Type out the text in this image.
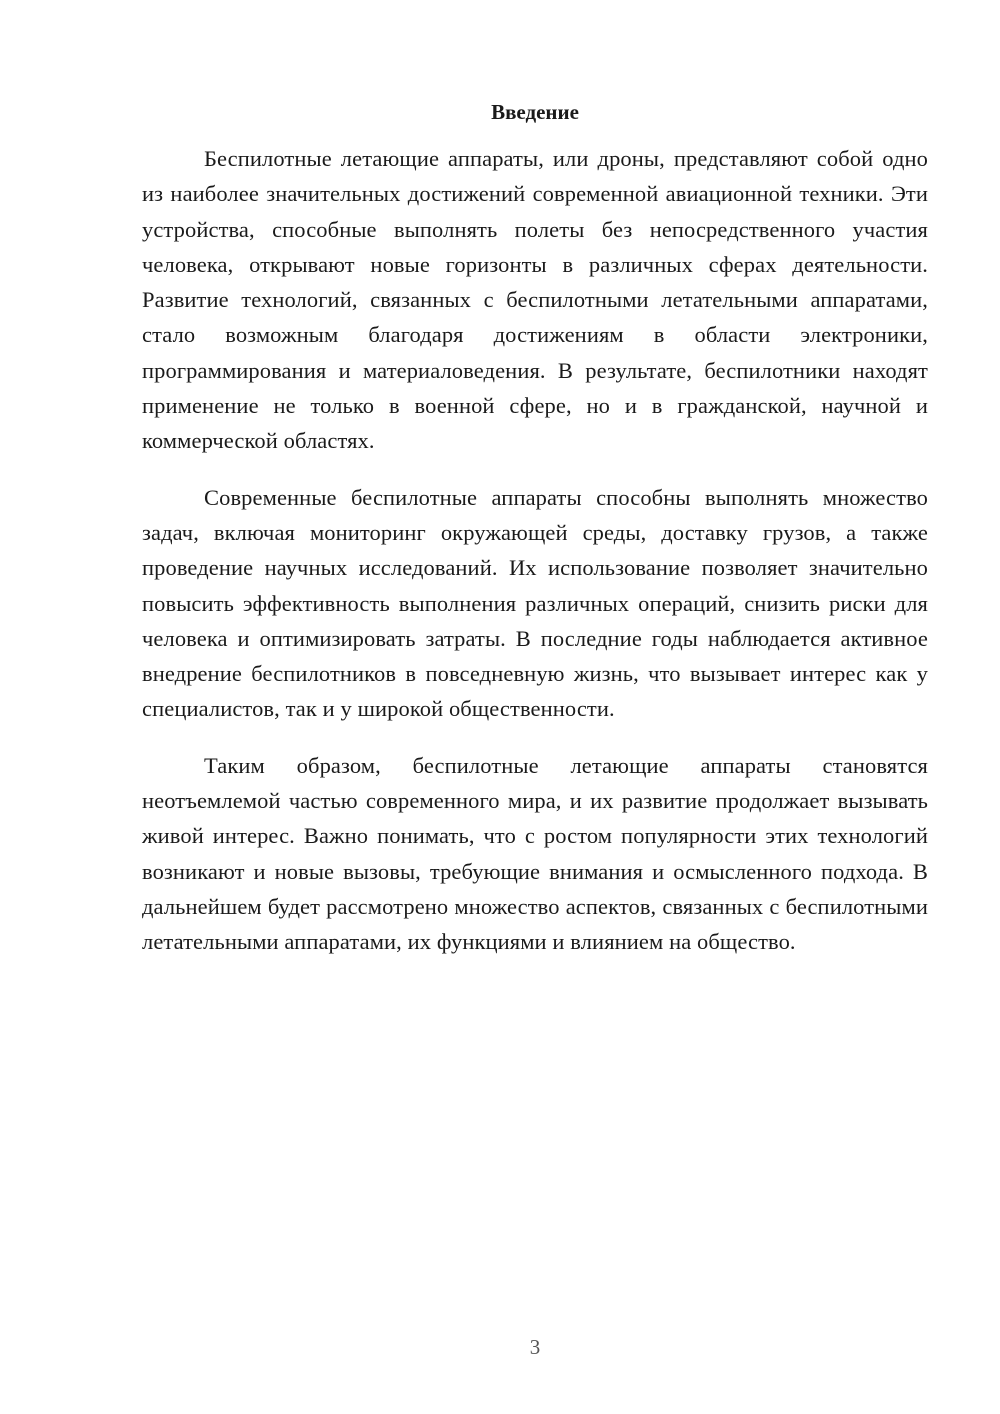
Введение

Беспилотные летающие аппараты, или дроны, представляют собой одно из наиболее значительных достижений современной авиационной техники. Эти устройства, способные выполнять полеты без непосредственного участия человека, открывают новые горизонты в различных сферах деятельности. Развитие технологий, связанных с беспилотными летательными аппаратами, стало возможным благодаря достижениям в области электроники, программирования и материаловедения. В результате, беспилотники находят применение не только в военной сфере, но и в гражданской, научной и коммерческой областях.

Современные беспилотные аппараты способны выполнять множество задач, включая мониторинг окружающей среды, доставку грузов, а также проведение научных исследований. Их использование позволяет значительно повысить эффективность выполнения различных операций, снизить риски для человека и оптимизировать затраты. В последние годы наблюдается активное внедрение беспилотников в повседневную жизнь, что вызывает интерес как у специалистов, так и у широкой общественности.

Таким образом, беспилотные летающие аппараты становятся неотъемлемой частью современного мира, и их развитие продолжает вызывать живой интерес. Важно понимать, что с ростом популярности этих технологий возникают и новые вызовы, требующие внимания и осмысленного подхода. В дальнейшем будет рассмотрено множество аспектов, связанных с беспилотными летательными аппаратами, их функциями и влиянием на общество.

3
